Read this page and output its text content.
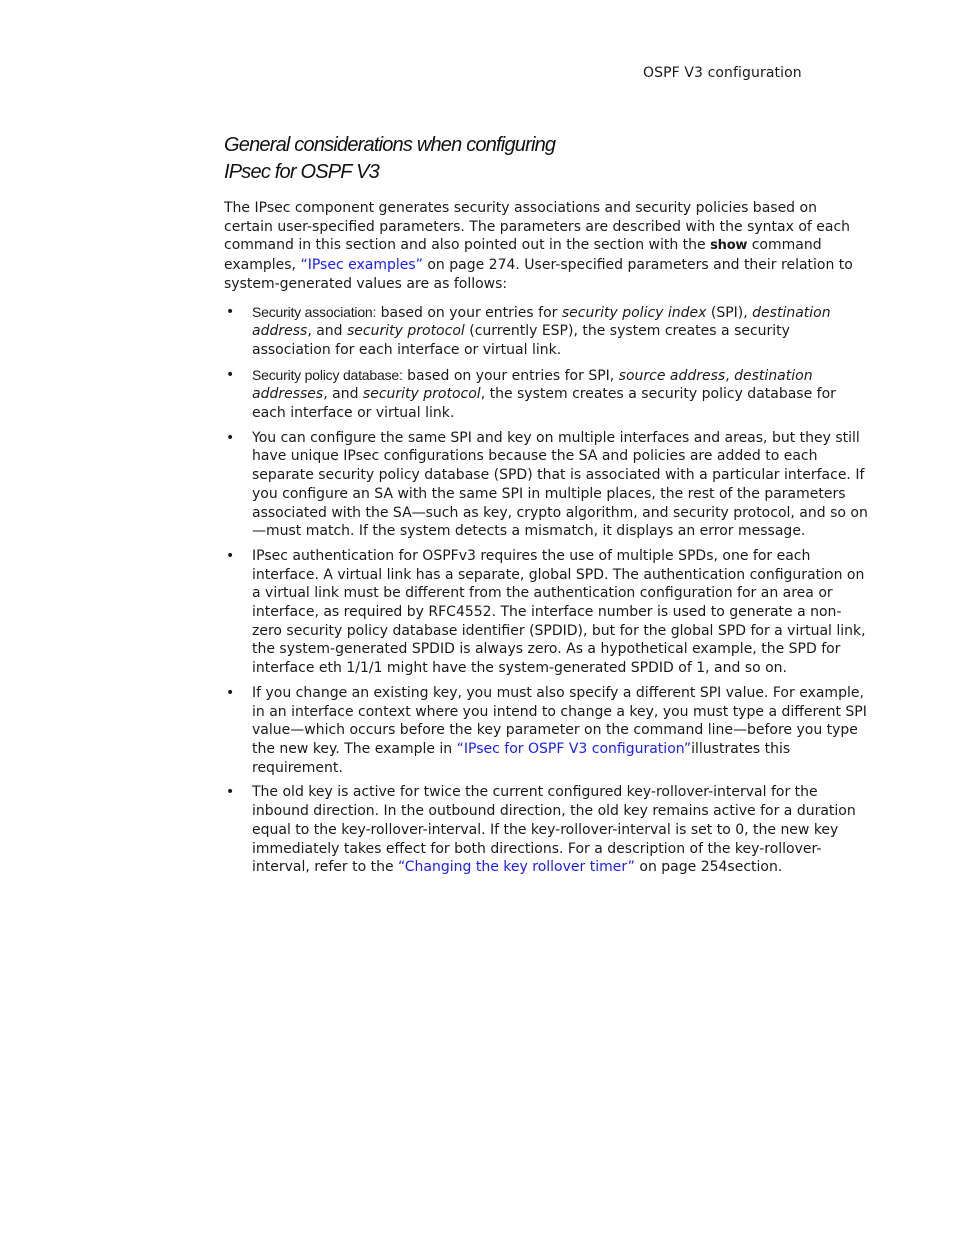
OSPF V3 configuration
General considerations when configuring
IPsec for OSPF V3

The IPsec component generates security associations and security policies based on certain user-specified parameters. The parameters are described with the syntax of each command in this section and also pointed out in the section with the show command examples, “IPsec examples” on page 274. User-specified parameters and their relation to system-generated values are as follows:

• Security association: based on your entries for security policy index (SPI), destination address, and security protocol (currently ESP), the system creates a security association for each interface or virtual link.
• Security policy database: based on your entries for SPI, source address, destination addresses, and security protocol, the system creates a security policy database for each interface or virtual link.
• You can configure the same SPI and key on multiple interfaces and areas, but they still have unique IPsec configurations because the SA and policies are added to each separate security policy database (SPD) that is associated with a particular interface. If you configure an SA with the same SPI in multiple places, the rest of the parameters associated with the SA—such as key, crypto algorithm, and security protocol, and so on—must match. If the system detects a mismatch, it displays an error message.
• IPsec authentication for OSPFv3 requires the use of multiple SPDs, one for each interface. A virtual link has a separate, global SPD. The authentication configuration on a virtual link must be different from the authentication configuration for an area or interface, as required by RFC4552. The interface number is used to generate a non-zero security policy database identifier (SPDID), but for the global SPD for a virtual link, the system-generated SPDID is always zero. As a hypothetical example, the SPD for interface eth 1/1/1 might have the system-generated SPDID of 1, and so on.
• If you change an existing key, you must also specify a different SPI value. For example, in an interface context where you intend to change a key, you must type a different SPI value—which occurs before the key parameter on the command line—before you type the new key. The example in “IPsec for OSPF V3 configuration”illustrates this requirement.
• The old key is active for twice the current configured key-rollover-interval for the inbound direction. In the outbound direction, the old key remains active for a duration equal to the key-rollover-interval. If the key-rollover-interval is set to 0, the new key immediately takes effect for both directions. For a description of the key-rollover-interval, refer to the “Changing the key rollover timer” on page 254section.
